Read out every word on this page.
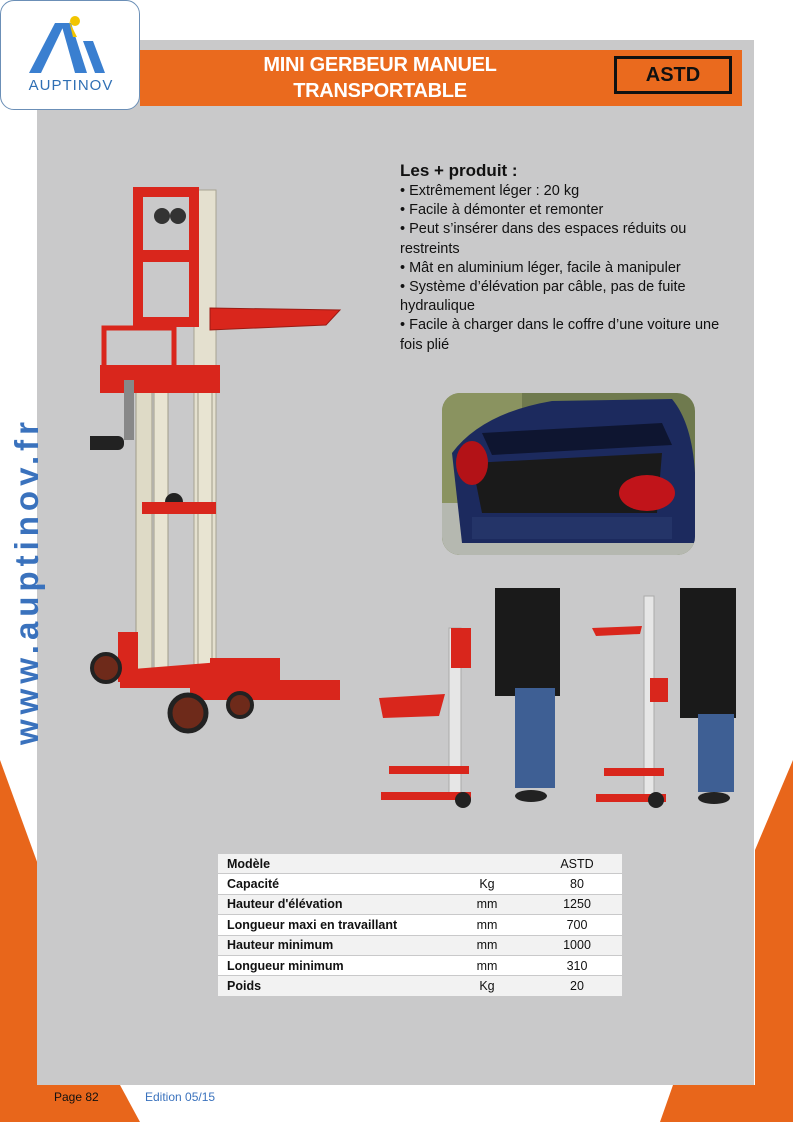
MINI GERBEUR MANUEL
TRANSPORTABLE
ASTD
AUPTINOV
www.auptinov.fr
Les + produit :
• Extrêmement léger : 20 kg
• Facile à démonter et remonter
• Peut s’insérer dans des espaces réduits ou restreints
• Mât en aluminium léger, facile à manipuler
• Système d’élévation par câble, pas de fuite hydraulique
• Facile à charger dans le coffre d’une voiture une fois plié
Modèle		ASTD
Capacité	Kg	80
Hauteur d'élévation	mm	1250
Longueur maxi en travaillant	mm	700
Hauteur minimum	mm	1000
Longueur minimum	mm	310
Poids	Kg	20
Page 82	Edition 05/15
